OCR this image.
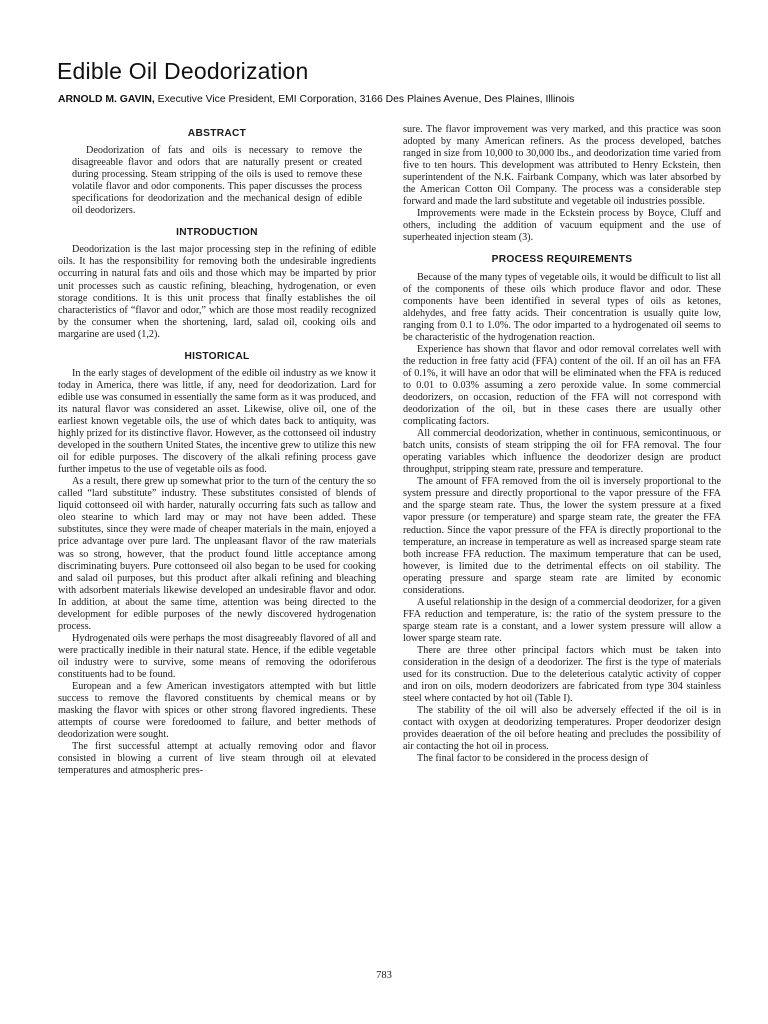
Edible Oil Deodorization
ARNOLD M. GAVIN, Executive Vice President, EMI Corporation, 3166 Des Plaines Avenue, Des Plaines, Illinois
ABSTRACT

Deodorization of fats and oils is necessary to remove the disagreeable flavor and odors that are naturally present or created during processing. Steam stripping of the oils is used to remove these volatile flavor and odor components. This paper discusses the process specifications for deodorization and the mechanical design of edible oil deodorizers.

INTRODUCTION

Deodorization is the last major processing step in the refining of edible oils. It has the responsibility for removing both the undesirable ingredients occurring in natural fats and oils and those which may be imparted by prior unit processes such as caustic refining, bleaching, hydrogenation, or even storage conditions. It is this unit process that finally establishes the oil characteristics of “flavor and odor,” which are those most readily recognized by the consumer when the shortening, lard, salad oil, cooking oils and margarine are used (1,2).

HISTORICAL

In the early stages of development of the edible oil industry as we know it today in America, there was little, if any, need for deodorization. Lard for edible use was consumed in essentially the same form as it was produced, and its natural flavor was considered an asset. Likewise, olive oil, one of the earliest known vegetable oils, the use of which dates back to antiquity, was highly prized for its distinctive flavor. However, as the cottonseed oil industry developed in the southern United States, the incentive grew to utilize this new oil for edible purposes. The discovery of the alkali refining process gave further impetus to the use of vegetable oils as food.

As a result, there grew up somewhat prior to the turn of the century the so called “lard substitute” industry. These substitutes consisted of blends of liquid cottonseed oil with harder, naturally occurring fats such as tallow and oleo stearine to which lard may or may not have been added. These substitutes, since they were made of cheaper materials in the main, enjoyed a price advantage over pure lard. The unpleasant flavor of the raw materials was so strong, however, that the product found little acceptance among discriminating buyers. Pure cottonseed oil also began to be used for cooking and salad oil purposes, but this product after alkali refining and bleaching with adsorbent materials likewise developed an undesirable flavor and odor. In addition, at about the same time, attention was being directed to the development for edible purposes of the newly discovered hydrogenation process.

Hydrogenated oils were perhaps the most disagreeably flavored of all and were practically inedible in their natural state. Hence, if the edible vegetable oil industry were to survive, some means of removing the odoriferous constituents had to be found.

European and a few American investigators attempted with but little success to remove the flavored constituents by chemical means or by masking the flavor with spices or other strong flavored ingredients. These attempts of course were foredoomed to failure, and better methods of deodorization were sought.

The first successful attempt at actually removing odor and flavor consisted in blowing a current of live steam through oil at elevated temperatures and atmospheric pres-

sure. The flavor improvement was very marked, and this practice was soon adopted by many American refiners. As the process developed, batches ranged in size from 10,000 to 30,000 lbs., and deodorization time varied from five to ten hours. This development was attributed to Henry Eckstein, then superintendent of the N.K. Fairbank Company, which was later absorbed by the American Cotton Oil Company. The process was a considerable step forward and made the lard substitute and vegetable oil industries possible.

Improvements were made in the Eckstein process by Boyce, Cluff and others, including the addition of vacuum equipment and the use of superheated injection steam (3).

PROCESS REQUIREMENTS

Because of the many types of vegetable oils, it would be difficult to list all of the components of these oils which produce flavor and odor. These components have been identified in several types of oils as ketones, aldehydes, and free fatty acids. Their concentration is usually quite low, ranging from 0.1 to 1.0%. The odor imparted to a hydrogenated oil seems to be characteristic of the hydrogenation reaction.

Experience has shown that flavor and odor removal correlates well with the reduction in free fatty acid (FFA) content of the oil. If an oil has an FFA of 0.1%, it will have an odor that will be eliminated when the FFA is reduced to 0.01 to 0.03% assuming a zero peroxide value. In some commercial deodorizers, on occasion, reduction of the FFA will not correspond with deodorization of the oil, but in these cases there are usually other complicating factors.

All commercial deodorization, whether in continuous, semicontinuous, or batch units, consists of steam stripping the oil for FFA removal. The four operating variables which influence the deodorizer design are product throughput, stripping steam rate, pressure and temperature.

The amount of FFA removed from the oil is inversely proportional to the system pressure and directly proportional to the vapor pressure of the FFA and the sparge steam rate. Thus, the lower the system pressure at a fixed vapor pressure (or temperature) and sparge steam rate, the greater the FFA reduction. Since the vapor pressure of the FFA is directly proportional to the temperature, an increase in temperature as well as increased sparge steam rate both increase FFA reduction. The maximum temperature that can be used, however, is limited due to the detrimental effects on oil stability. The operating pressure and sparge steam rate are limited by economic considerations.

A useful relationship in the design of a commercial deodorizer, for a given FFA reduction and temperature, is: the ratio of the system pressure to the sparge steam rate is a constant, and a lower system pressure will allow a lower sparge steam rate.

There are three other principal factors which must be taken into consideration in the design of a deodorizer. The first is the type of materials used for its construction. Due to the deleterious catalytic activity of copper and iron on oils, modern deodorizers are fabricated from type 304 stainless steel where contacted by hot oil (Table I).

The stability of the oil will also be adversely effected if the oil is in contact with oxygen at deodorizing temperatures. Proper deodorizer design provides deaeration of the oil before heating and precludes the possibility of air contacting the hot oil in process.

The final factor to be considered in the process design of

783
